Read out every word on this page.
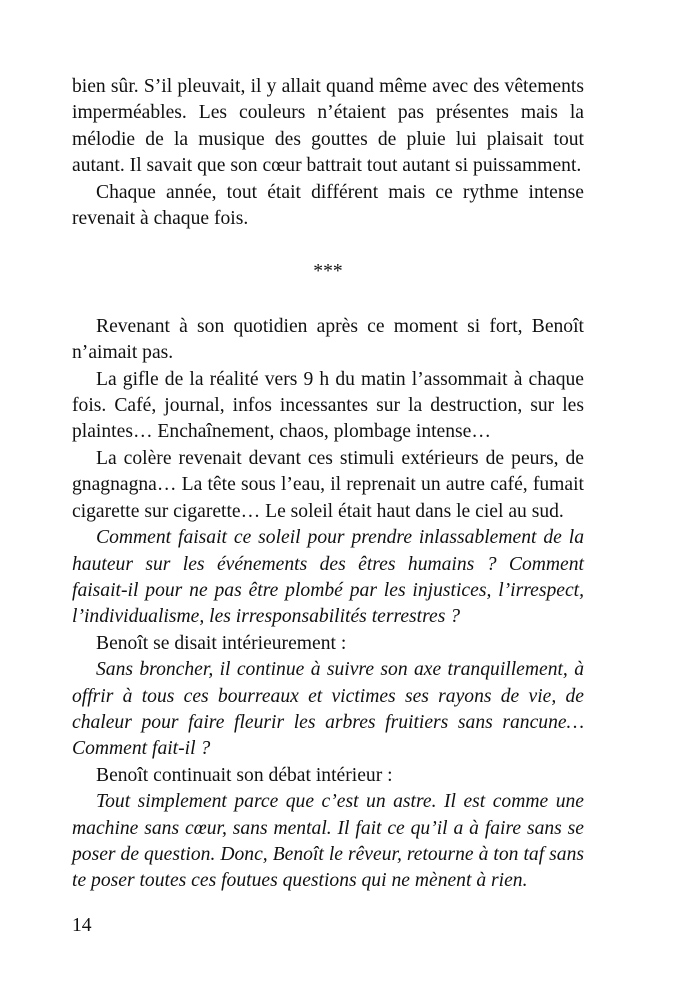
bien sûr. S’il pleuvait, il y allait quand même avec des vêtements imperméables. Les couleurs n’étaient pas présentes mais la mélodie de la musique des gouttes de pluie lui plaisait tout autant. Il savait que son cœur battrait tout autant si puissamment.

Chaque année, tout était différent mais ce rythme intense revenait à chaque fois.

***

Revenant à son quotidien après ce moment si fort, Benoît n’aimait pas.

La gifle de la réalité vers 9 h du matin l’assommait à chaque fois. Café, journal, infos incessantes sur la destruction, sur les plaintes… Enchaînement, chaos, plombage intense…

La colère revenait devant ces stimuli extérieurs de peurs, de gnagnagna… La tête sous l’eau, il reprenait un autre café, fumait cigarette sur cigarette… Le soleil était haut dans le ciel au sud.

Comment faisait ce soleil pour prendre inlassablement de la hauteur sur les événements des êtres humains ? Comment faisait-il pour ne pas être plombé par les injustices, l’irrespect, l’individualisme, les irresponsabilités terrestres ?

Benoît se disait intérieurement :

Sans broncher, il continue à suivre son axe tranquillement, à offrir à tous ces bourreaux et victimes ses rayons de vie, de chaleur pour faire fleurir les arbres fruitiers sans rancune… Comment fait-il ?

Benoît continuait son débat intérieur :

Tout simplement parce que c’est un astre. Il est comme une machine sans cœur, sans mental. Il fait ce qu’il a à faire sans se poser de question. Donc, Benoît le rêveur, retourne à ton taf sans te poser toutes ces foutues questions qui ne mènent à rien.

14
